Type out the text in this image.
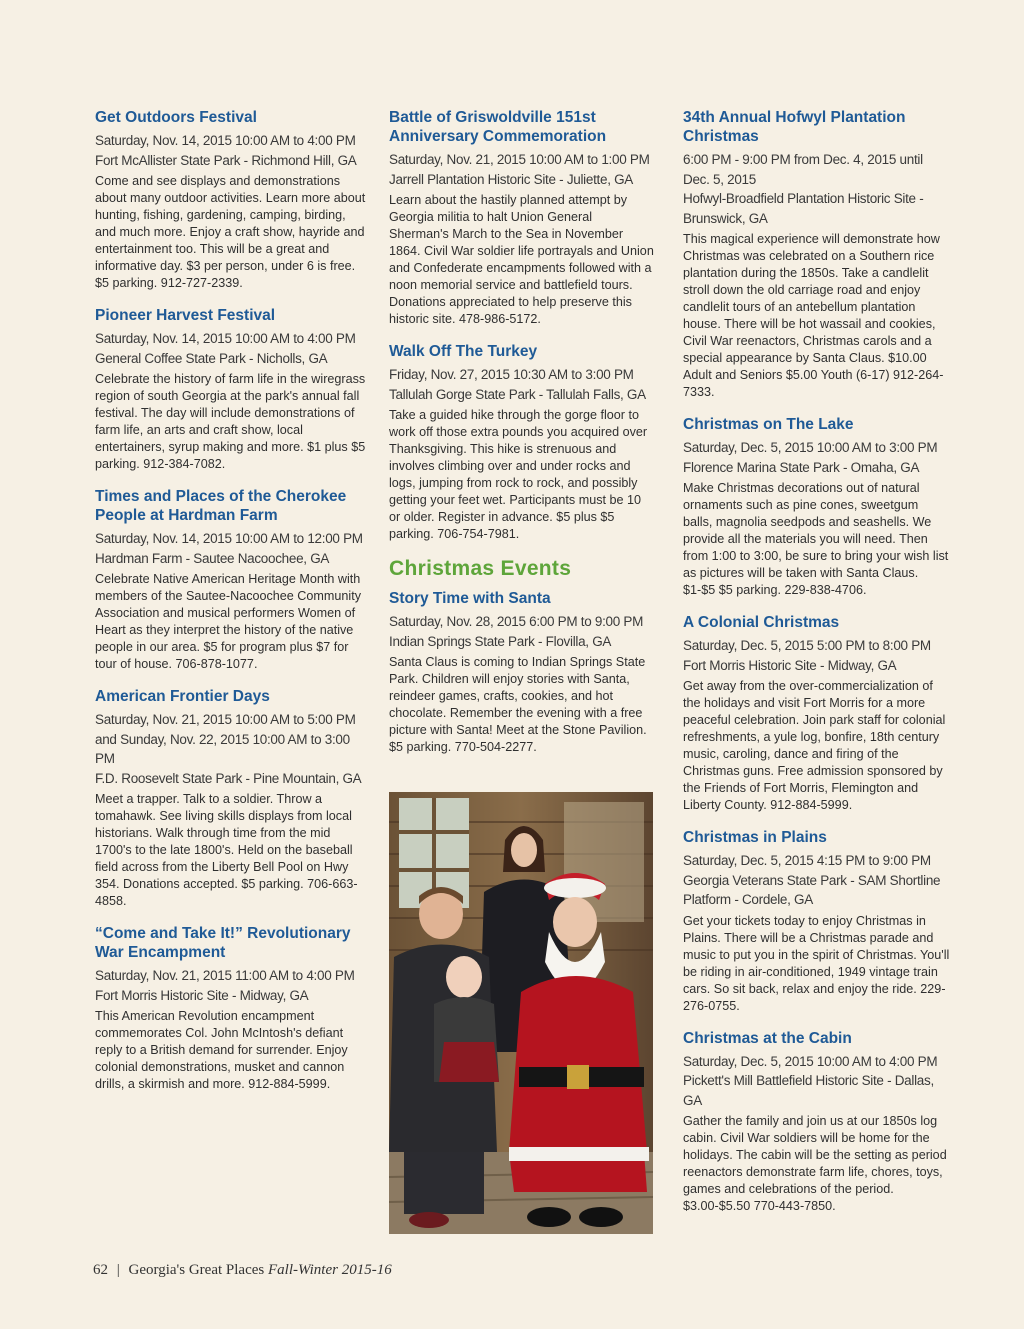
Get Outdoors Festival
Saturday, Nov. 14, 2015 10:00 AM to 4:00 PM
Fort McAllister State Park - Richmond Hill, GA
Come and see displays and demonstrations about many outdoor activities. Learn more about hunting, fishing, gardening, camping, birding, and much more. Enjoy a craft show, hayride and entertainment too. This will be a great and informative day. $3 per person, under 6 is free. $5 parking. 912-727-2339.
Pioneer Harvest Festival
Saturday, Nov. 14, 2015 10:00 AM to 4:00 PM
General Coffee State Park - Nicholls, GA
Celebrate the history of farm life in the wiregrass region of south Georgia at the park's annual fall festival. The day will include demonstrations of farm life, an arts and craft show, local entertainers, syrup making and more. $1 plus $5 parking. 912-384-7082.
Times and Places of the Cherokee People at Hardman Farm
Saturday, Nov. 14, 2015 10:00 AM to 12:00 PM
Hardman Farm - Sautee Nacoochee, GA
Celebrate Native American Heritage Month with members of the Sautee-Nacoochee Community Association and musical performers Women of Heart as they interpret the history of the native people in our area. $5 for program plus $7 for tour of house. 706-878-1077.
American Frontier Days
Saturday, Nov. 21, 2015 10:00 AM to 5:00 PM and Sunday, Nov. 22, 2015 10:00 AM to 3:00 PM
F.D. Roosevelt State Park - Pine Mountain, GA
Meet a trapper. Talk to a soldier. Throw a tomahawk. See living skills displays from local historians. Walk through time from the mid 1700's to the late 1800's. Held on the baseball field across from the Liberty Bell Pool on Hwy 354. Donations accepted. $5 parking. 706-663-4858.
“Come and Take It!” Revolutionary War Encampment
Saturday, Nov. 21, 2015 11:00 AM to 4:00 PM
Fort Morris Historic Site - Midway, GA
This American Revolution encampment commemorates Col. John McIntosh's defiant reply to a British demand for surrender. Enjoy colonial demonstrations, musket and cannon drills, a skirmish and more. 912-884-5999.
Battle of Griswoldville 151st Anniversary Commemoration
Saturday, Nov. 21, 2015 10:00 AM to 1:00 PM
Jarrell Plantation Historic Site - Juliette, GA
Learn about the hastily planned attempt by Georgia militia to halt Union General Sherman's March to the Sea in November 1864. Civil War soldier life portrayals and Union and Confederate encampments followed with a noon memorial service and battlefield tours. Donations appreciated to help preserve this historic site. 478-986-5172.
Walk Off The Turkey
Friday, Nov. 27, 2015 10:30 AM to 3:00 PM
Tallulah Gorge State Park - Tallulah Falls, GA
Take a guided hike through the gorge floor to work off those extra pounds you acquired over Thanksgiving. This hike is strenuous and involves climbing over and under rocks and logs, jumping from rock to rock, and possibly getting your feet wet. Participants must be 10 or older. Register in advance. $5 plus $5 parking. 706-754-7981.
Christmas Events
Story Time with Santa
Saturday, Nov. 28, 2015 6:00 PM to 9:00 PM
Indian Springs State Park - Flovilla, GA
Santa Claus is coming to Indian Springs State Park. Children will enjoy stories with Santa, reindeer games, crafts, cookies, and hot chocolate. Remember the evening with a free picture with Santa! Meet at the Stone Pavilion. $5 parking. 770-504-2277.
34th Annual Hofwyl Plantation Christmas
6:00 PM - 9:00 PM from Dec. 4, 2015 until Dec. 5, 2015
Hofwyl-Broadfield Plantation Historic Site - Brunswick, GA
This magical experience will demonstrate how Christmas was celebrated on a Southern rice plantation during the 1850s. Take a candlelit stroll down the old carriage road and enjoy candlelit tours of an antebellum plantation house. There will be hot wassail and cookies, Civil War reenactors, Christmas carols and a special appearance by Santa Claus. $10.00 Adult and Seniors $5.00 Youth (6-17) 912-264-7333.
Christmas on The Lake
Saturday, Dec. 5, 2015 10:00 AM to 3:00 PM
Florence Marina State Park - Omaha, GA
Make Christmas decorations out of natural ornaments such as pine cones, sweetgum balls, magnolia seedpods and seashells. We provide all the materials you will need. Then from 1:00 to 3:00, be sure to bring your wish list as pictures will be taken with Santa Claus. $1-$5 $5 parking. 229-838-4706.
A Colonial Christmas
Saturday, Dec. 5, 2015 5:00 PM to 8:00 PM
Fort Morris Historic Site - Midway, GA
Get away from the over-commercialization of the holidays and visit Fort Morris for a more peaceful celebration. Join park staff for colonial refreshments, a yule log, bonfire, 18th century music, caroling, dance and firing of the Christmas guns. Free admission sponsored by the Friends of Fort Morris, Flemington and Liberty County. 912-884-5999.
Christmas in Plains
Saturday, Dec. 5, 2015 4:15 PM to 9:00 PM
Georgia Veterans State Park - SAM Shortline Platform - Cordele, GA
Get your tickets today to enjoy Christmas in Plains. There will be a Christmas parade and music to put you in the spirit of Christmas. You'll be riding in air-conditioned, 1949 vintage train cars. So sit back, relax and enjoy the ride. 229-276-0755.
Christmas at the Cabin
Saturday, Dec. 5, 2015 10:00 AM to 4:00 PM
Pickett's Mill Battlefield Historic Site - Dallas, GA
Gather the family and join us at our 1850s log cabin. Civil War soldiers will be home for the holidays. The cabin will be the setting as period reenactors demonstrate farm life, chores, toys, games and celebrations of the period. $3.00-$5.50 770-443-7850.
62 | Georgia's Great Places Fall-Winter 2015-16
